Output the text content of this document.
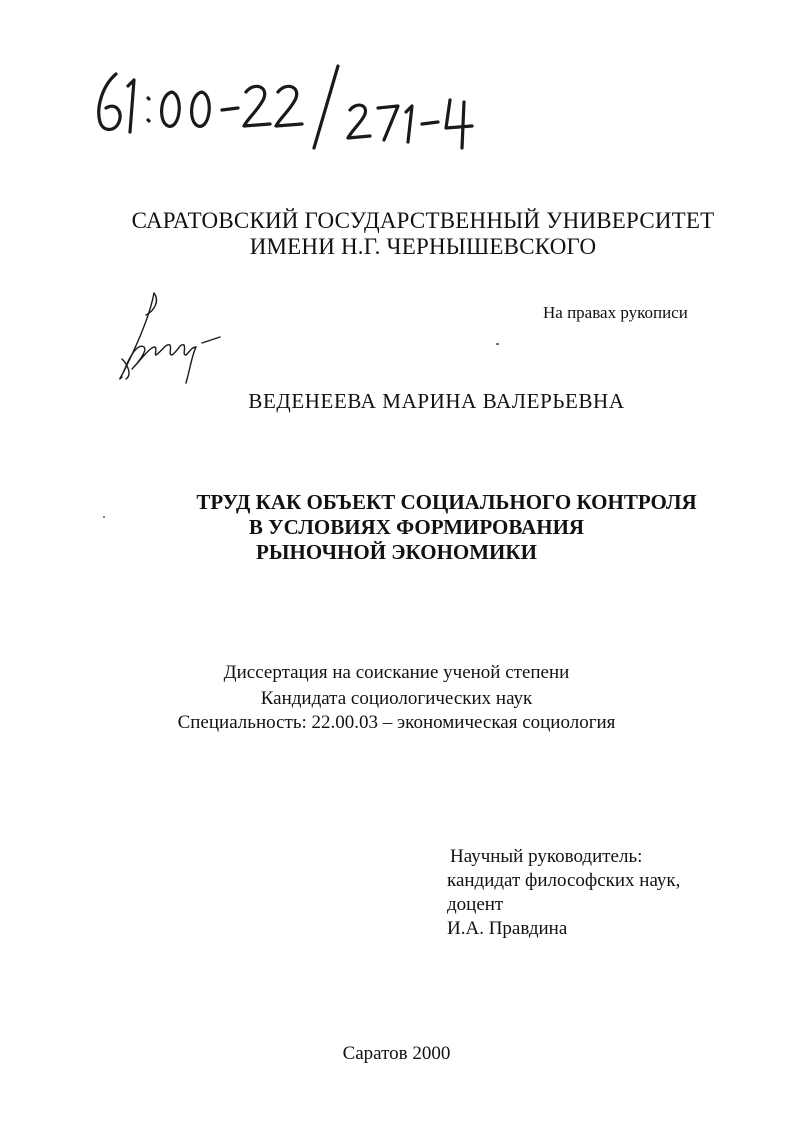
САРАТОВСКИЙ ГОСУДАРСТВЕННЫЙ УНИВЕРСИТЕТ
ИМЕНИ Н.Г. ЧЕРНЫШЕВСКОГО
На правах рукописи
ВЕДЕНЕЕВА МАРИНА ВАЛЕРЬЕВНА
ТРУД КАК ОБЪЕКТ СОЦИАЛЬНОГО КОНТРОЛЯ
В УСЛОВИЯХ ФОРМИРОВАНИЯ
РЫНОЧНОЙ ЭКОНОМИКИ
Диссертация на соискание ученой степени
Кандидата социологических наук
Специальность: 22.00.03 – экономическая социология
Научный руководитель:
кандидат философских наук,
доцент
И.А. Правдина
Саратов 2000
